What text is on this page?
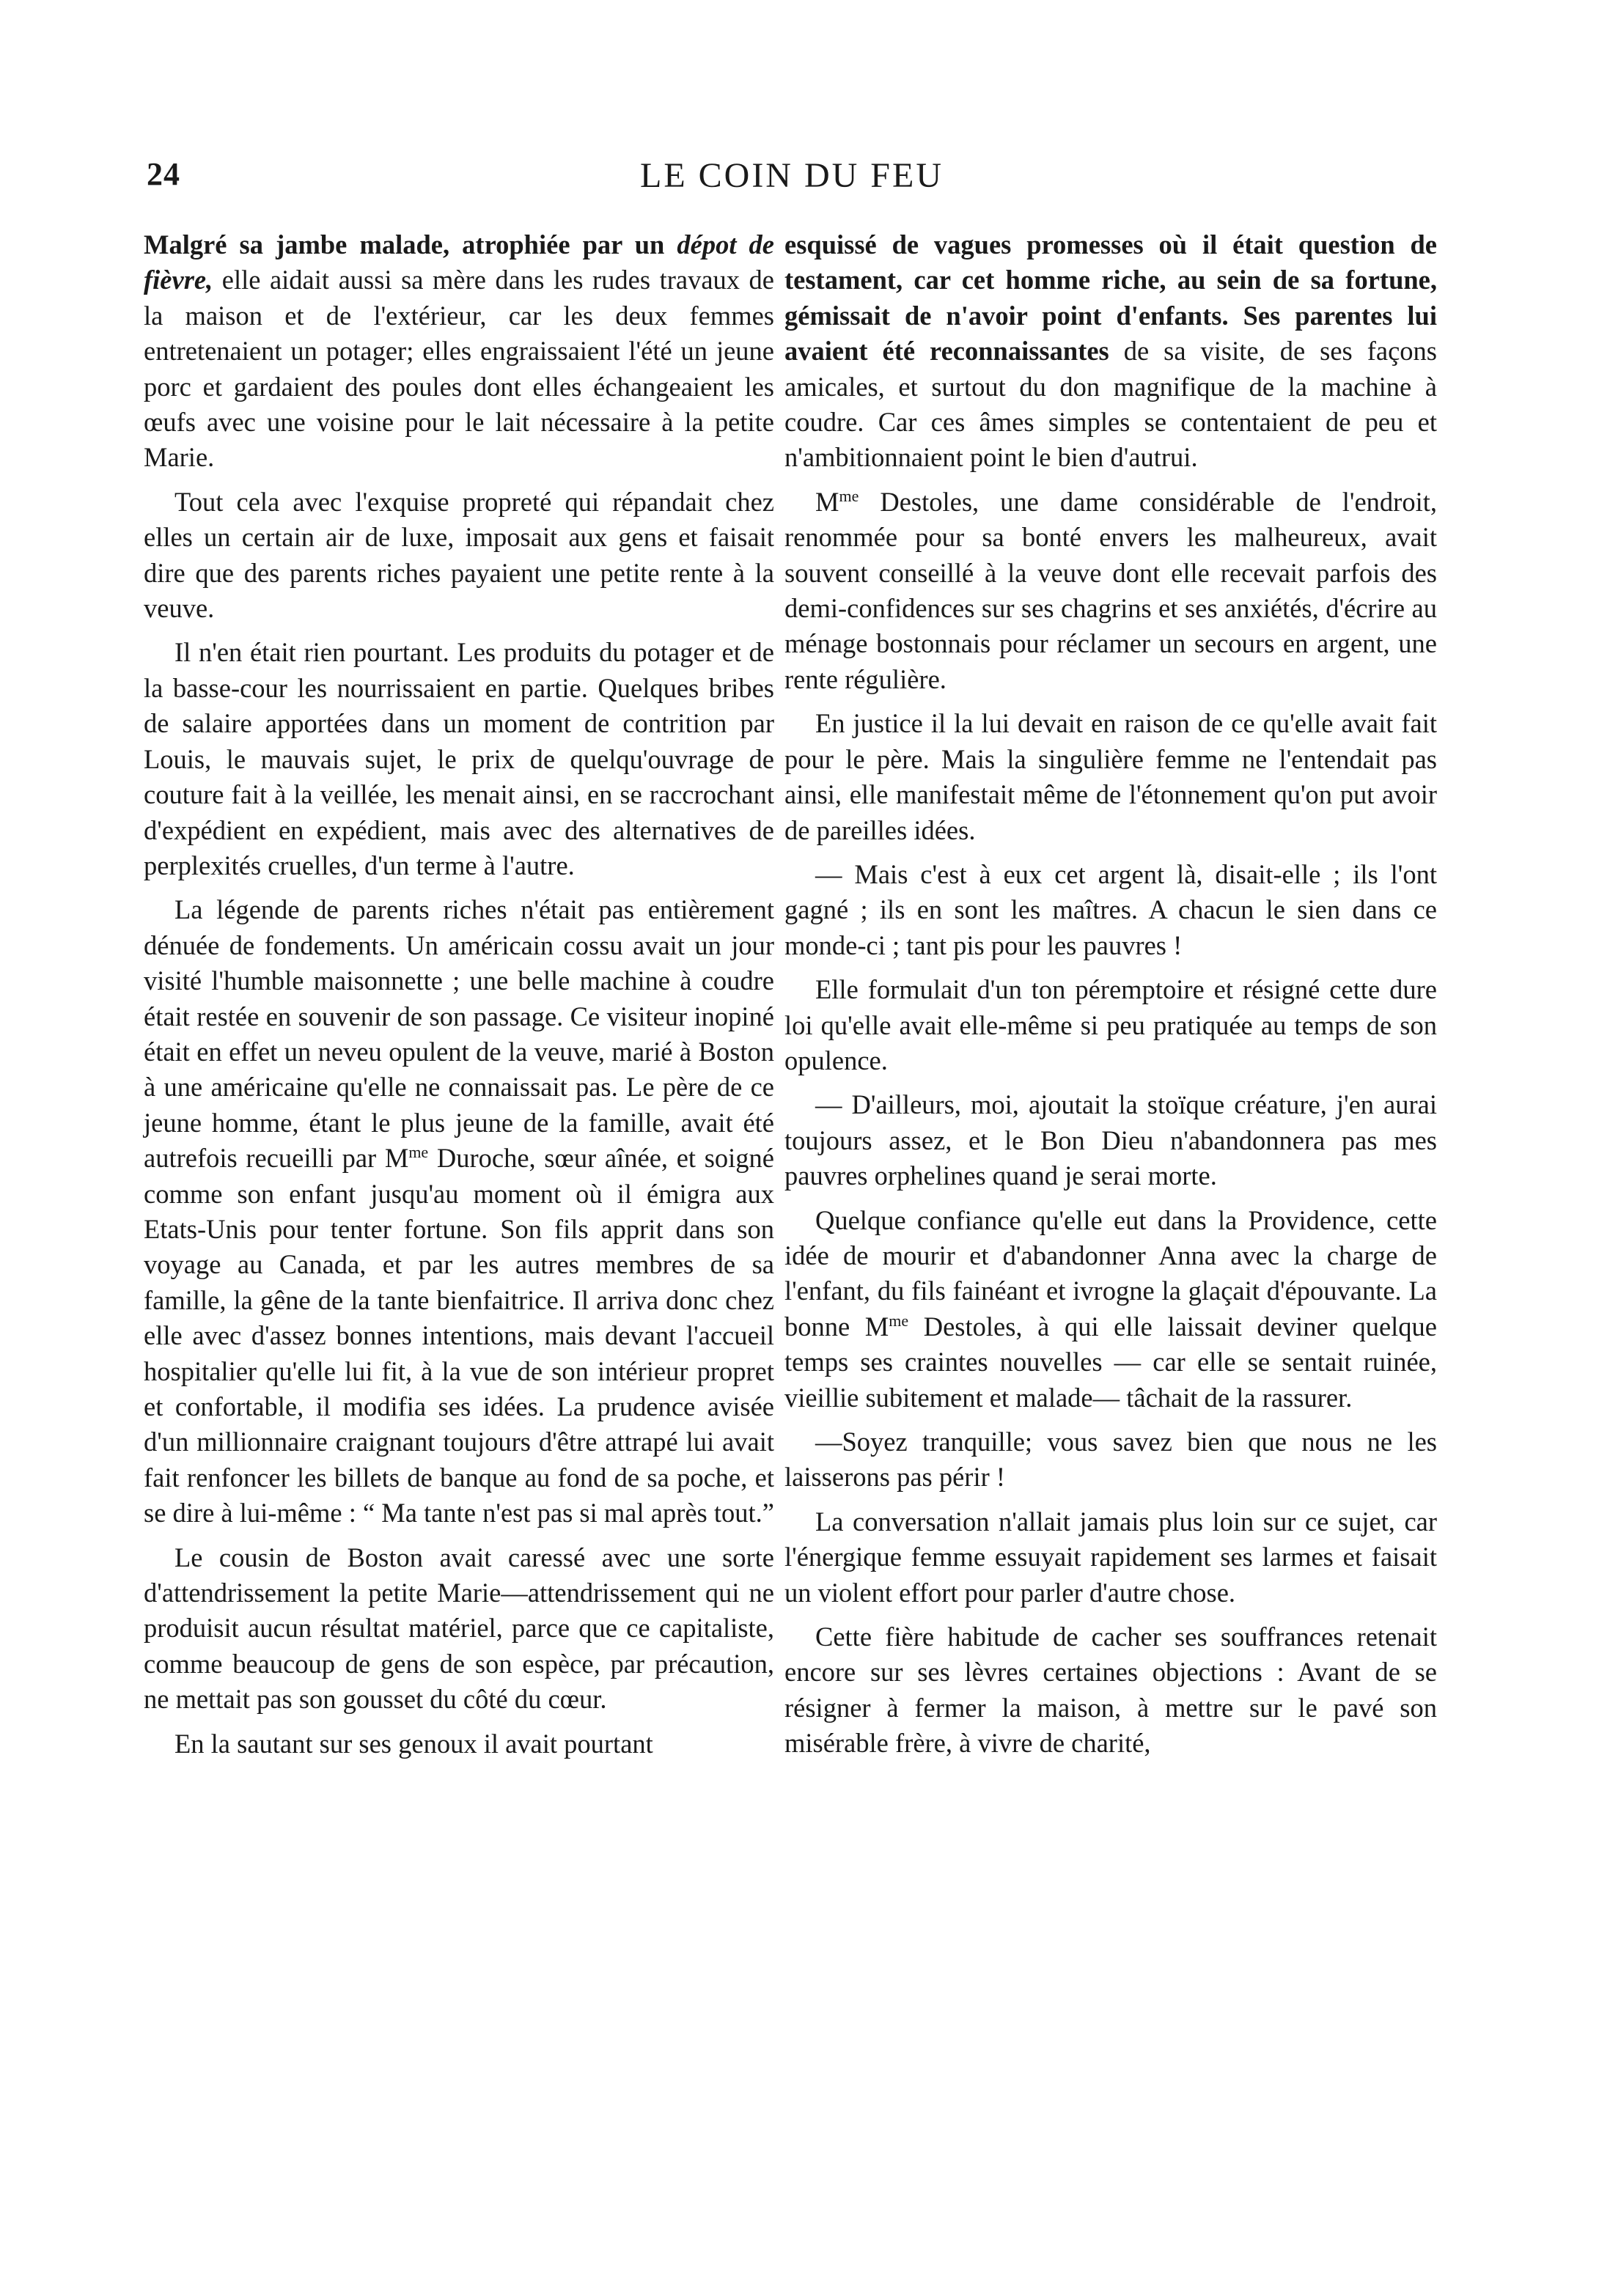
24	LE COIN DU FEU

Malgré sa jambe malade, atrophiée par un dépot de fièvre, elle aidait aussi sa mère dans les rudes travaux de la maison et de l'extérieur, car les deux femmes entretenaient un potager; elles engraissaient l'été un jeune porc et gardaient des poules dont elles échangeaient les œufs avec une voisine pour le lait nécessaire à la petite Marie.

Tout cela avec l'exquise propreté qui répandait chez elles un certain air de luxe, imposait aux gens et faisait dire que des parents riches payaient une petite rente à la veuve.

Il n'en était rien pourtant. Les produits du potager et de la basse-cour les nourrissaient en partie. Quelques bribes de salaire apportées dans un moment de contrition par Louis, le mauvais sujet, le prix de quelqu'ouvrage de couture fait à la veillée, les menait ainsi, en se raccrochant d'expédient en expédient, mais avec des alternatives de perplexités cruelles, d'un terme à l'autre.

La légende de parents riches n'était pas entièrement dénuée de fondements. Un américain cossu avait un jour visité l'humble maisonnette ; une belle machine à coudre était restée en souvenir de son passage. Ce visiteur inopiné était en effet un neveu opulent de la veuve, marié à Boston à une américaine qu'elle ne connaissait pas. Le père de ce jeune homme, étant le plus jeune de la famille, avait été autrefois recueilli par $M^{me}$ Duroche, sœur aînée, et soigné comme son enfant jusqu'au moment où il émigra aux Etats-Unis pour tenter fortune. Son fils apprit dans son voyage au Canada, et par les autres membres de sa famille, la gêne de la tante bienfaitrice. Il arriva donc chez elle avec d'assez bonnes intentions, mais devant l'accueil hospitalier qu'elle lui fit, à la vue de son intérieur propret et confortable, il modifia ses idées. La prudence avisée d'un millionnaire craignant toujours d'être attrapé lui avait fait renfoncer les billets de banque au fond de sa poche, et se dire à lui-même : “ Ma tante n'est pas si mal après tout.”

Le cousin de Boston avait caressé avec une sorte d'attendrissement la petite Marie—attendrissement qui ne produisit aucun résultat matériel, parce que ce capitaliste, comme beaucoup de gens de son espèce, par précaution, ne mettait pas son gousset du côté du cœur.

En la sautant sur ses genoux il avait pourtant

esquissé de vagues promesses où il était question de testament, car cet homme riche, au sein de sa fortune, gémissait de n'avoir point d'enfants. Ses parentes lui avaient été reconnaissantes de sa visite, de ses façons amicales, et surtout du don magnifique de la machine à coudre. Car ces âmes simples se contentaient de peu et n'ambitionnaient point le bien d'autrui.

$M^{me}$ Destoles, une dame considérable de l'endroit, renommée pour sa bonté envers les malheureux, avait souvent conseillé à la veuve dont elle recevait parfois des demi-confidences sur ses chagrins et ses anxiétés, d'écrire au ménage bostonnais pour réclamer un secours en argent, une rente régulière.

En justice il la lui devait en raison de ce qu'elle avait fait pour le père. Mais la singulière femme ne l'entendait pas ainsi, elle manifestait même de l'étonnement qu'on put avoir de pareilles idées.

— Mais c'est à eux cet argent là, disait-elle ; ils l'ont gagné ; ils en sont les maîtres. A chacun le sien dans ce monde-ci ; tant pis pour les pauvres !

Elle formulait d'un ton péremptoire et résigné cette dure loi qu'elle avait elle-même si peu pratiquée au temps de son opulence.

— D'ailleurs, moi, ajoutait la stoïque créature, j'en aurai toujours assez, et le Bon Dieu n'abandonnera pas mes pauvres orphelines quand je serai morte.

Quelque confiance qu'elle eut dans la Providence, cette idée de mourir et d'abandonner Anna avec la charge de l'enfant, du fils fainéant et ivrogne la glaçait d'épouvante. La bonne $M^{me}$ Destoles, à qui elle laissait deviner quelque temps ses craintes nouvelles — car elle se sentait ruinée, vieillie subitement et malade— tâchait de la rassurer.

—Soyez tranquille; vous savez bien que nous ne les laisserons pas périr !

La conversation n'allait jamais plus loin sur ce sujet, car l'énergique femme essuyait rapidement ses larmes et faisait un violent effort pour parler d'autre chose.

Cette fière habitude de cacher ses souffrances retenait encore sur ses lèvres certaines objections : Avant de se résigner à fermer la maison, à mettre sur le pavé son misérable frère, à vivre de charité,
